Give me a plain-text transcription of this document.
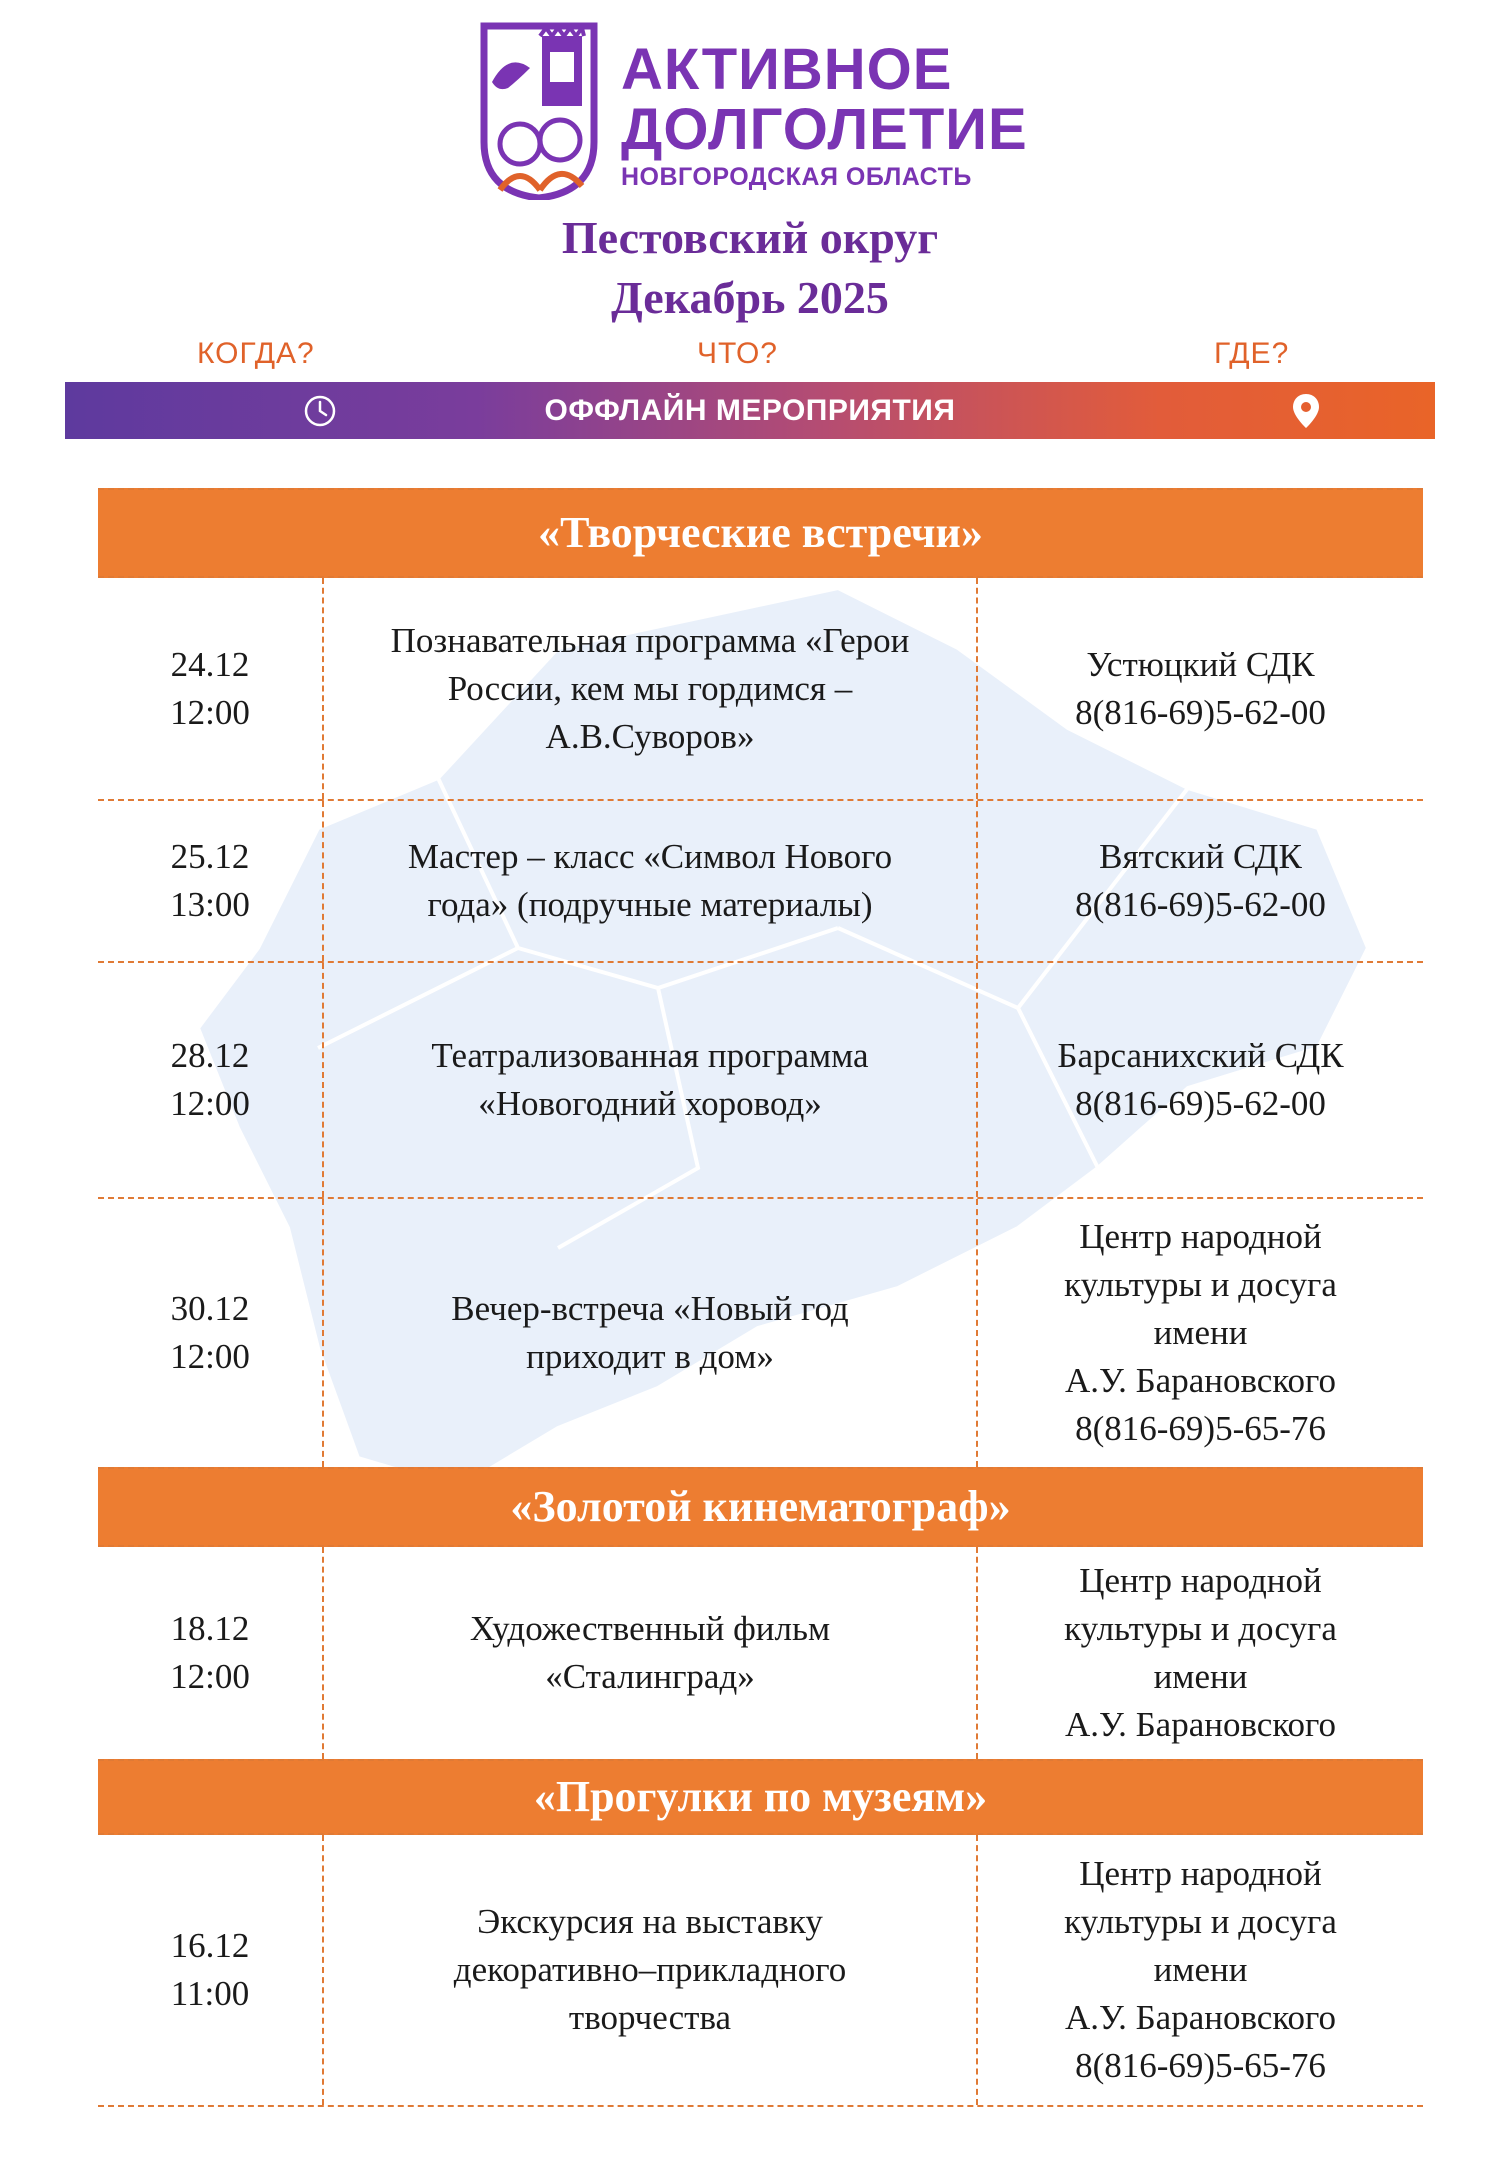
АКТИВНОЕ
ДОЛГОЛЕТИЕ
НОВГОРОДСКАЯ ОБЛАСТЬ
Пестовский округ
Декабрь 2025
КОГДА?	ЧТО?	ГДЕ?
ОФФЛАЙН МЕРОПРИЯТИЯ
«Творческие встречи»
24.12
12:00
Познавательная программа «Герои
России, кем мы гордимся –
А.В.Суворов»
Устюцкий СДК
8(816-69)5-62-00
25.12
13:00
Мастер – класс «Символ Нового
года» (подручные материалы)
Вятский СДК
8(816-69)5-62-00
28.12
12:00
Театрализованная программа
«Новогодний хоровод»
Барсанихский СДК
8(816-69)5-62-00
30.12
12:00
Вечер-встреча «Новый год
приходит в дом»
Центр народной
культуры и досуга
имени
А.У. Барановского
8(816-69)5-65-76
«Золотой кинематограф»
18.12
12:00
Художественный фильм
«Сталинград»
Центр народной
культуры и досуга
имени
А.У. Барановского
«Прогулки по музеям»
16.12
11:00
Экскурсия на выставку
декоративно–прикладного
творчества
Центр народной
культуры и досуга
имени
А.У. Барановского
8(816-69)5-65-76
